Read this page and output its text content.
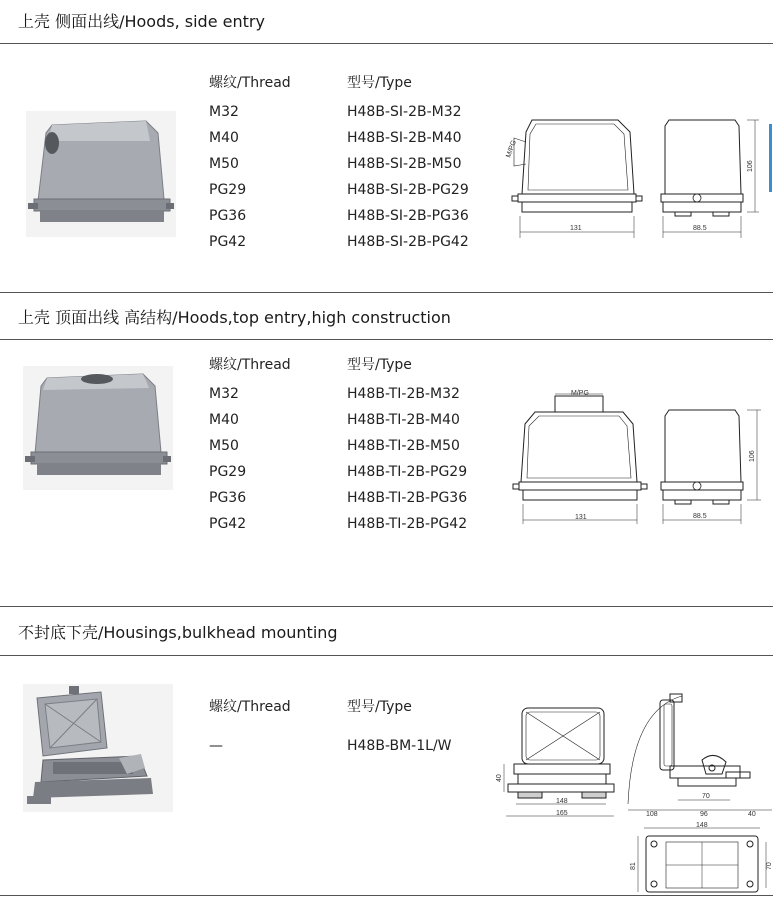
上壳 侧面出线/Hoods, side entry
螺纹/Thread	型号/Type
M32	H48B-SI-2B-M32
M40	H48B-SI-2B-M40
M50	H48B-SI-2B-M50
PG29	H48B-SI-2B-PG29
PG36	H48B-SI-2B-PG36
PG42	H48B-SI-2B-PG42
M/PG
131	88.5
106
上壳 顶面出线 高结构/Hoods,top entry,high construction
螺纹/Thread	型号/Type
M32	H48B-TI-2B-M32
M40	H48B-TI-2B-M40
M50	H48B-TI-2B-M50
PG29	H48B-TI-2B-PG29
PG36	H48B-TI-2B-PG36
PG42	H48B-TI-2B-PG42
M/PG
131	88.5
106
不封底下壳/Housings,bulkhead mounting
螺纹/Thread	型号/Type
—	H48B-BM-1L/W
40
148
165	108	96
70
40
148
81	70
